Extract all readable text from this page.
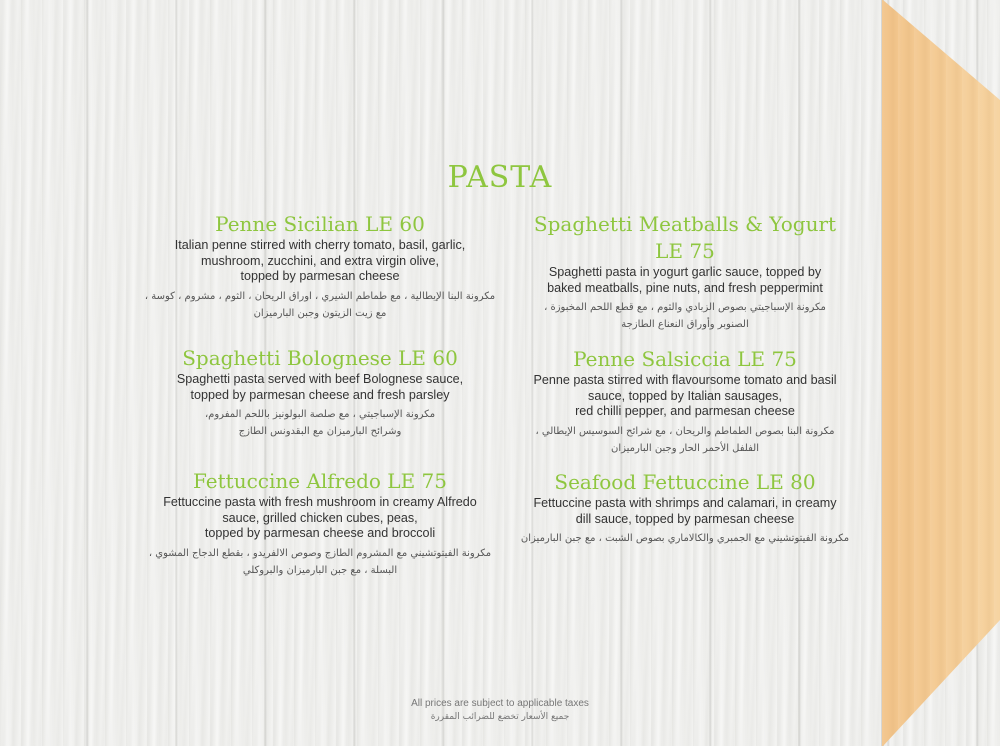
PASTA
Penne Sicilian LE 60
Italian penne stirred with cherry tomato, basil, garlic,
mushroom, zucchini, and extra virgin olive,
topped by parmesan cheese
مكرونة البنا الإيطالية ، مع طماطم الشيري ، اوراق الريحان ، الثوم ، مشروم ، كوسة ،
مع زيت الزيتون وجبن البارميزان
Spaghetti Bolognese LE 60
Spaghetti pasta served with beef Bolognese sauce,
topped by parmesan cheese and fresh parsley
مكرونة الإسباجيتي ، مع صلصة البولونيز باللحم المفروم،
وشرائح البارميزان مع البقدونس الطازج
Fettuccine Alfredo LE 75
Fettuccine pasta with fresh mushroom in creamy Alfredo
sauce, grilled chicken cubes, peas,
topped by parmesan cheese and broccoli
مكرونة الفيتوتشيني مع المشروم الطازج وصوص الالفريدو ، بقطع الدجاج المشوي ،
البسلة ، مع جبن البارميزان والبروكلي
Spaghetti Meatballs & Yogurt
LE 75
Spaghetti pasta in yogurt garlic sauce, topped by
baked meatballs, pine nuts, and fresh peppermint
مكرونة الإسباجيتي بصوص الزبادي والثوم ، مع قطع اللحم المخبوزة ،
الصنوبر وأوراق النعناع الطازجة
Penne Salsiccia LE 75
Penne pasta stirred with flavoursome tomato and basil
sauce, topped by Italian sausages,
red chilli pepper, and parmesan cheese
مكرونة البنا بصوص الطماطم والريحان ، مع شرائح السوسيس الإيطالي ،
الفلفل الأحمر الحار وجبن البارميزان
Seafood Fettuccine LE 80
Fettuccine pasta with shrimps and calamari, in creamy
dill sauce, topped by parmesan cheese
مكرونة الفيتوتشيني مع الجمبري والكالاماري بصوص الشبت ، مع جبن البارميزان
All prices are subject to applicable taxes
جميع الأسعار تخضع للضرائب المقررة
